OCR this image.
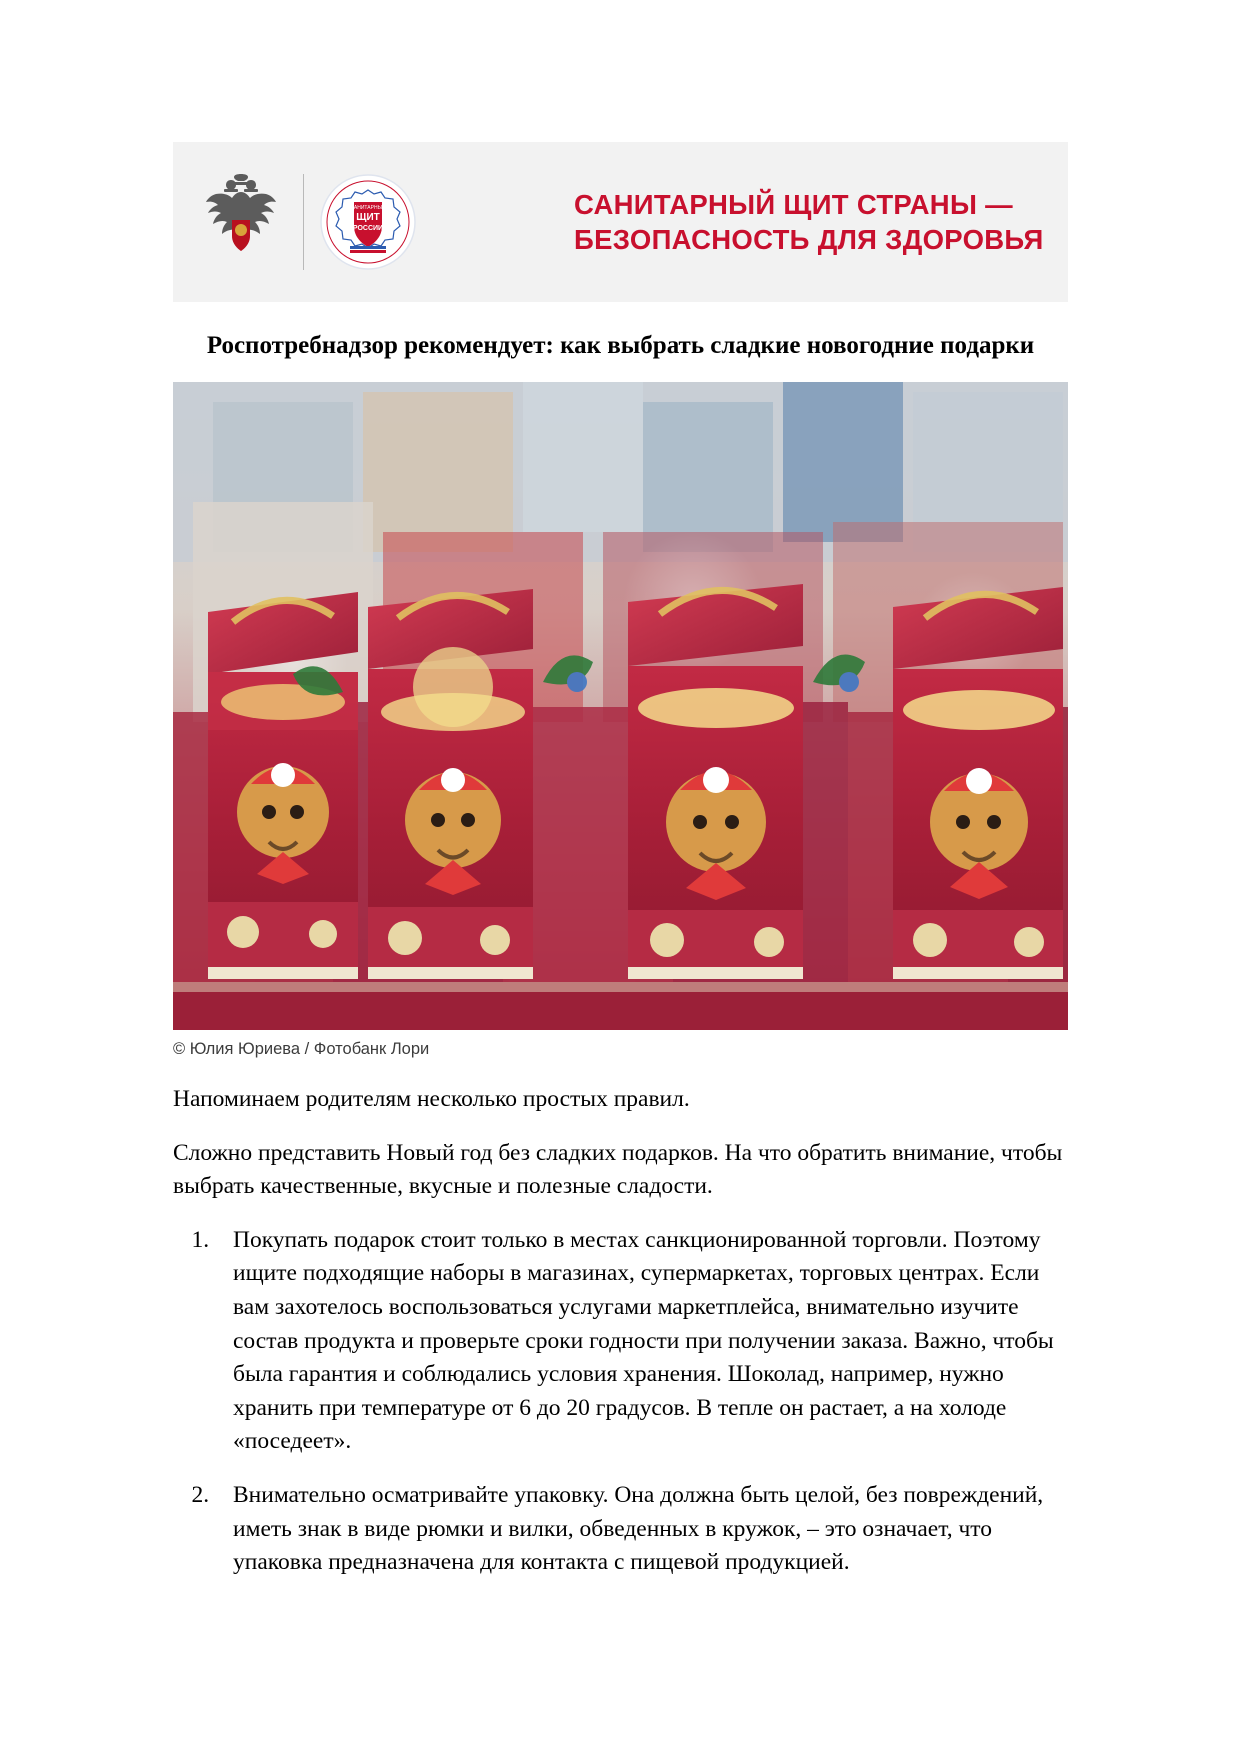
САНИТАРНЫЙ
ЩИТ
РОССИИ
САНИТАРНЫЙ ЩИТ СТРАНЫ —
БЕЗОПАСНОСТЬ ДЛЯ ЗДОРОВЬЯ
Роспотребнадзор рекомендует: как выбрать сладкие новогодние подарки
© Юлия Юриева / Фотобанк Лори

Напоминаем родителям несколько простых правил.

Сложно представить Новый год без сладких подарков. На что обратить внимание, чтобы выбрать качественные, вкусные и полезные сладости.

1. Покупать подарок стоит только в местах санкционированной торговли. Поэтому ищите подходящие наборы в магазинах, супермаркетах, торговых центрах. Если вам захотелось воспользоваться услугами маркетплейса, внимательно изучите состав продукта и проверьте сроки годности при получении заказа. Важно, чтобы была гарантия и соблюдались условия хранения. Шоколад, например, нужно хранить при температуре от 6 до 20 градусов. В тепле он растает, а на холоде «поседеет».
2. Внимательно осматривайте упаковку. Она должна быть целой, без повреждений, иметь знак в виде рюмки и вилки, обведенных в кружок, – это означает, что упаковка предназначена для контакта с пищевой продукцией.
